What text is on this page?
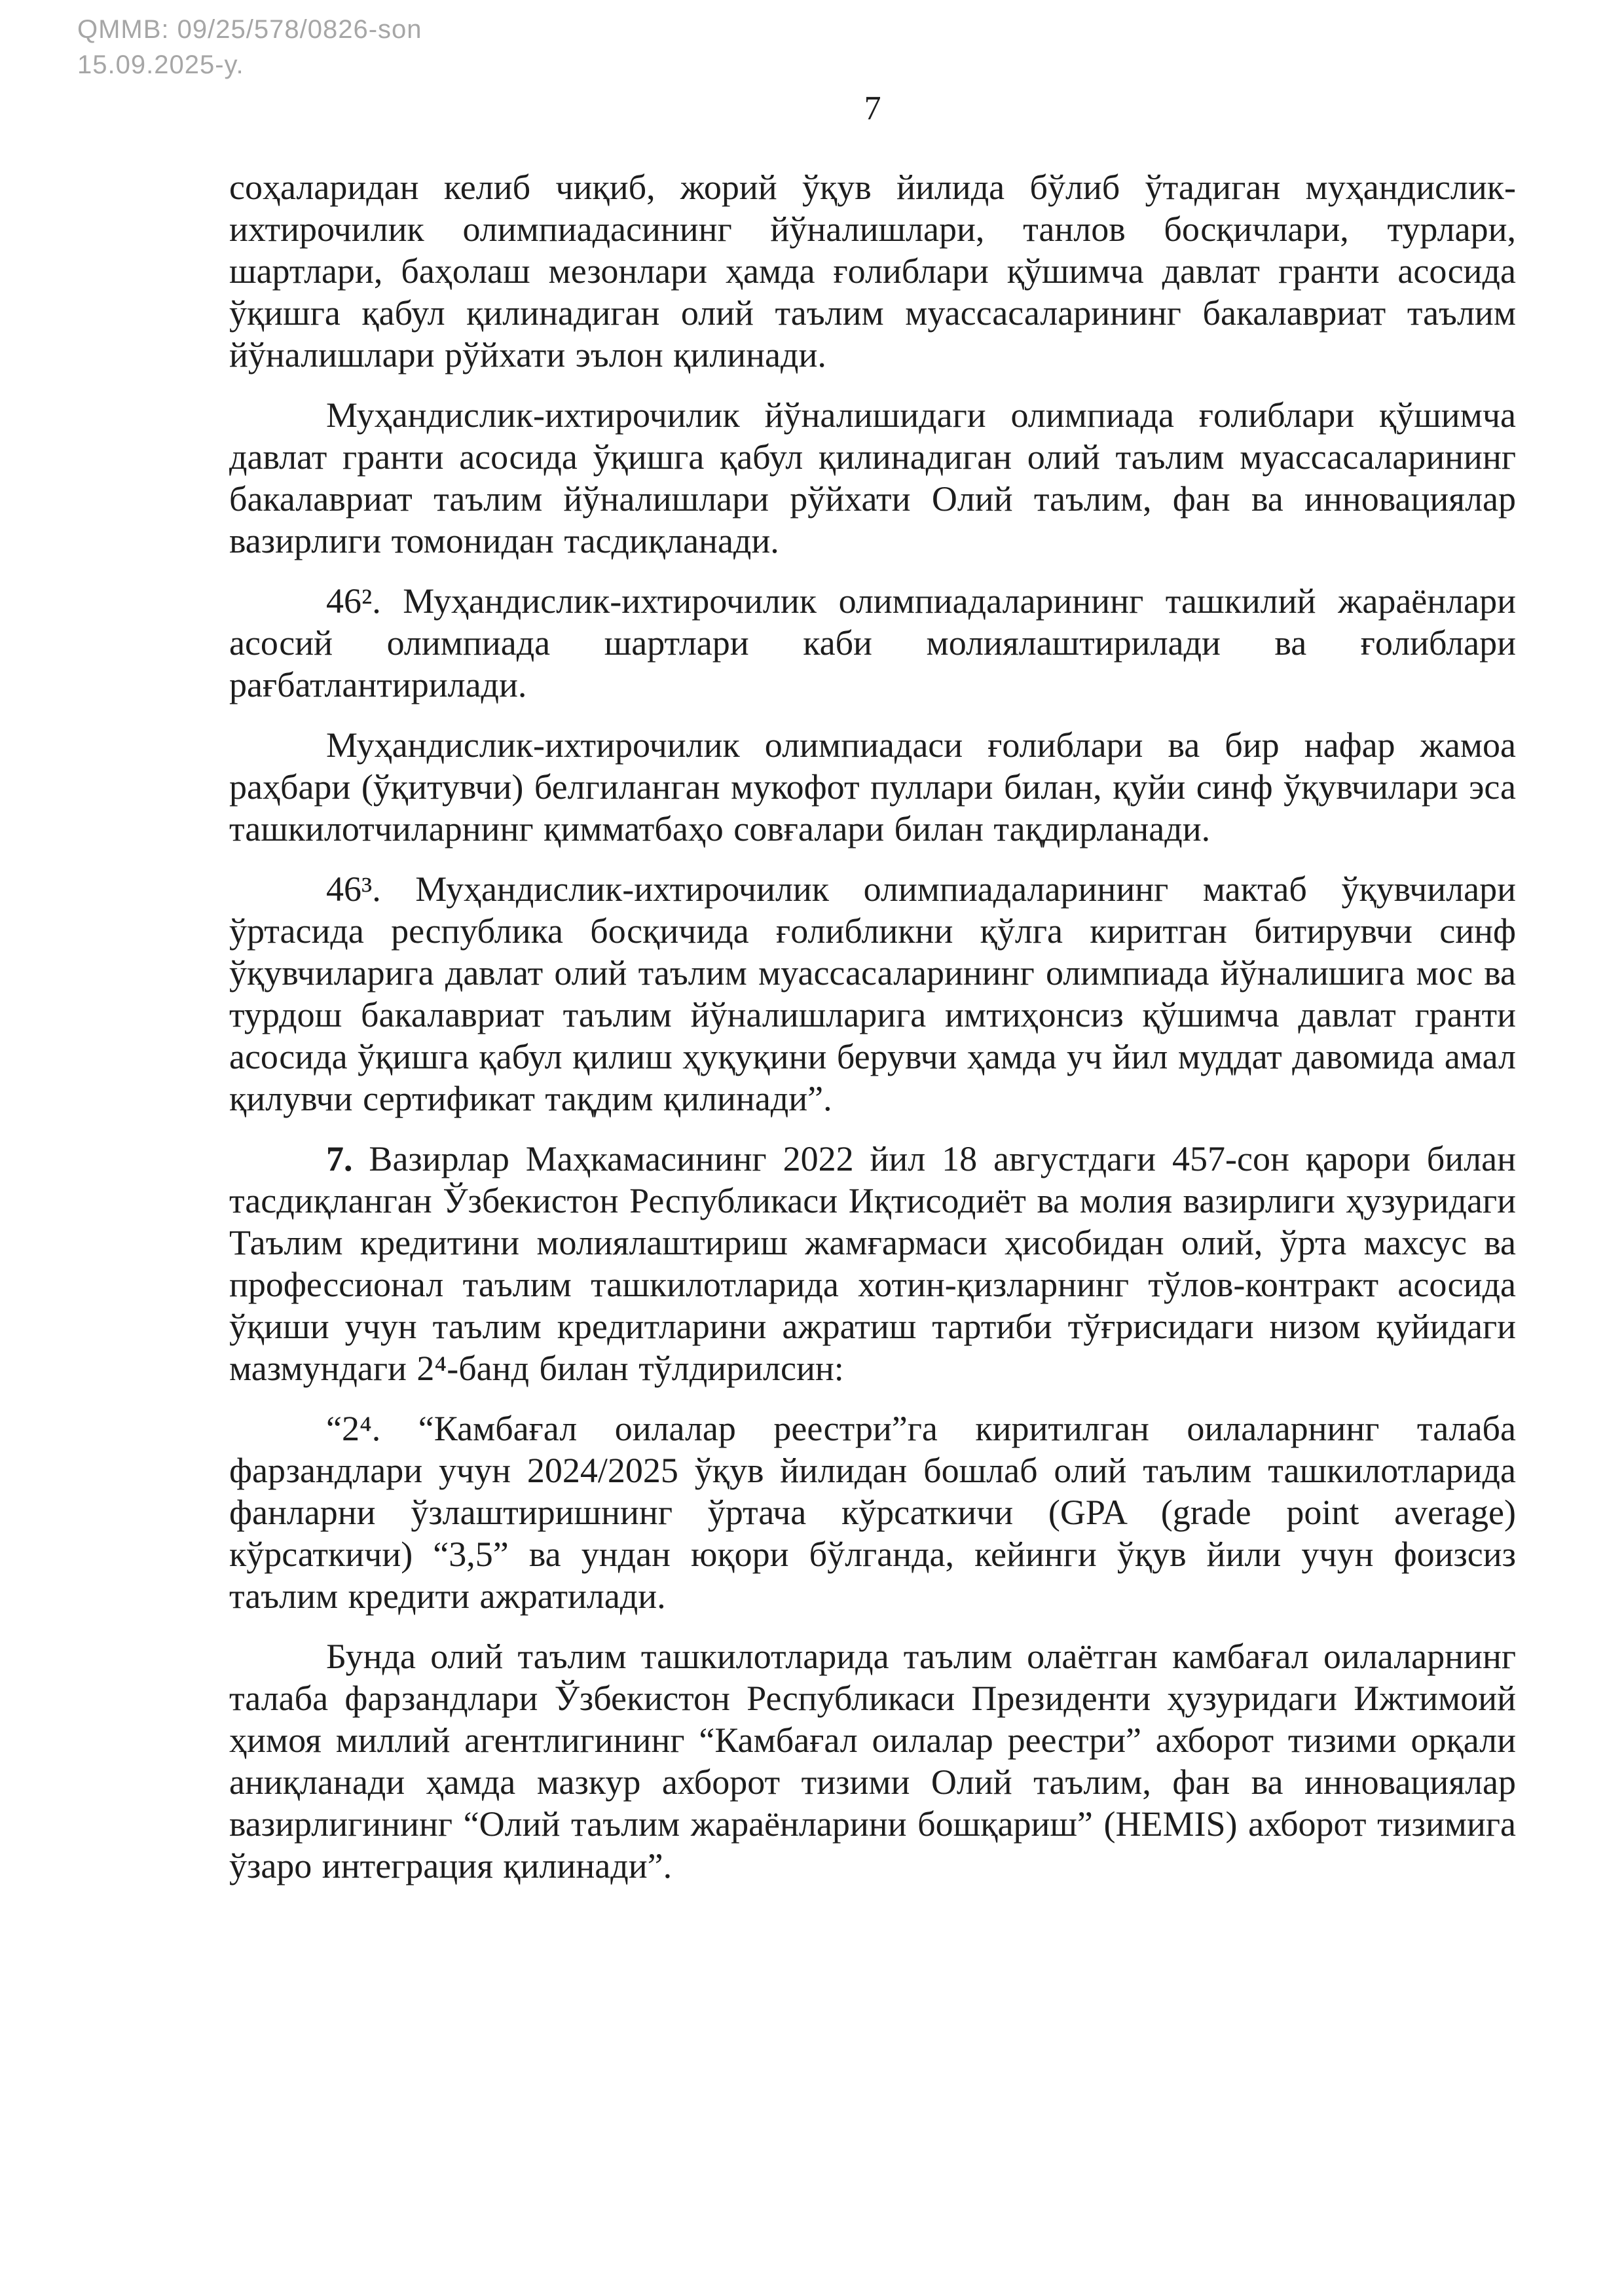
QMMB: 09/25/578/0826-son
15.09.2025-y.
7

соҳаларидан келиб чиқиб, жорий ўқув йилида бўлиб ўтадиган муҳандислик-ихтирочилик олимпиадасининг йўналишлари, танлов босқичлари, турлари, шартлари, баҳолаш мезонлари ҳамда ғолиблари қўшимча давлат гранти асосида ўқишга қабул қилинадиган олий таълим муассасаларининг бакалавриат таълим йўналишлари рўйхати эълон қилинади.

Муҳандислик-ихтирочилик йўналишидаги олимпиада ғолиблари қўшимча давлат гранти асосида ўқишга қабул қилинадиган олий таълим муассасаларининг бакалавриат таълим йўналишлари рўйхати Олий таълим, фан ва инновациялар вазирлиги томонидан тасдиқланади.

46². Муҳандислик-ихтирочилик олимпиадаларининг ташкилий жараёнлари асосий олимпиада шартлари каби молиялаштирилади ва ғолиблари рағбатлантирилади.

Муҳандислик-ихтирочилик олимпиадаси ғолиблари ва бир нафар жамоа раҳбари (ўқитувчи) белгиланган мукофот пуллари билан, қуйи синф ўқувчилари эса ташкилотчиларнинг қимматбаҳо совғалари билан тақдирланади.

46³. Муҳандислик-ихтирочилик олимпиадаларининг мактаб ўқувчилари ўртасида республика босқичида ғолибликни қўлга киритган битирувчи синф ўқувчиларига давлат олий таълим муассасаларининг олимпиада йўналишига мос ва турдош бакалавриат таълим йўналишларига имтиҳонсиз қўшимча давлат гранти асосида ўқишга қабул қилиш ҳуқуқини берувчи ҳамда уч йил муддат давомида амал қилувчи сертификат тақдим қилинади”.

7. Вазирлар Маҳкамасининг 2022 йил 18 августдаги 457-сон қарори билан тасдиқланган Ўзбекистон Республикаси Иқтисодиёт ва молия вазирлиги ҳузуридаги Таълим кредитини молиялаштириш жамғармаси ҳисобидан олий, ўрта махсус ва профессионал таълим ташкилотларида хотин-қизларнинг тўлов-контракт асосида ўқиши учун таълим кредитларини ажратиш тартиби тўғрисидаги низом қуйидаги мазмундаги 2⁴-банд билан тўлдирилсин:

“2⁴. “Камбағал оилалар реестри”га киритилган оилаларнинг талаба фарзандлари учун 2024/2025 ўқув йилидан бошлаб олий таълим ташкилотларида фанларни ўзлаштиришнинг ўртача кўрсаткичи (GPA (grade point average) кўрсаткичи) “3,5” ва ундан юқори бўлганда, кейинги ўқув йили учун фоизсиз таълим кредити ажратилади.

Бунда олий таълим ташкилотларида таълим олаётган камбағал оилаларнинг талаба фарзандлари Ўзбекистон Республикаси Президенти ҳузуридаги Ижтимоий ҳимоя миллий агентлигининг “Камбағал оилалар реестри” ахборот тизими орқали аниқланади ҳамда мазкур ахборот тизими Олий таълим, фан ва инновациялар вазирлигининг “Олий таълим жараёнларини бошқариш” (HEMIS) ахборот тизимига ўзаро интеграция қилинади”.
